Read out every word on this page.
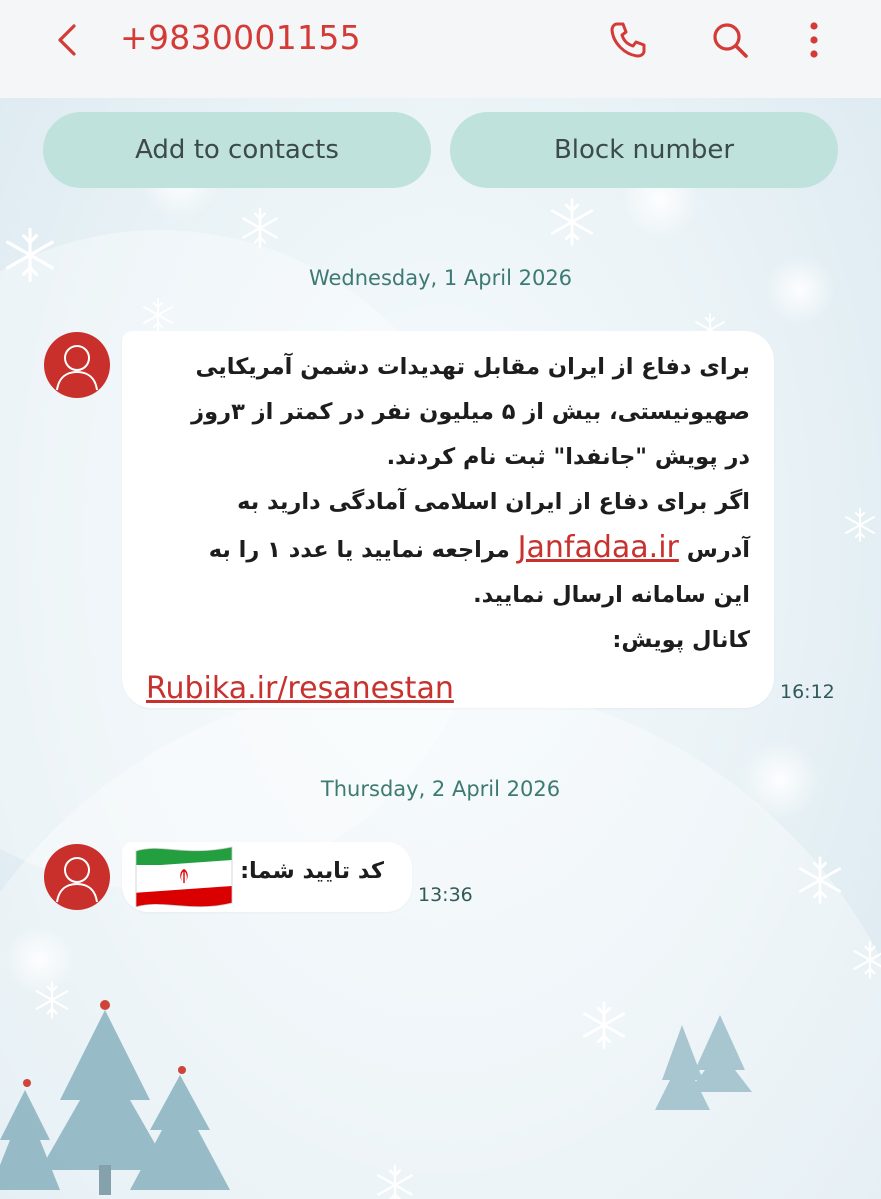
+9830001155
Add to contacts	Block number
Wednesday, 1 April 2026
برای دفاع از ایران مقابل تهدیدات دشمن آمریکایی
صهیونیستی، بیش از ۵ میلیون نفر در کمتر از ۳روز
در پویش "جانفدا" ثبت نام کردند.
اگر برای دفاع از ایران اسلامی آمادگی دارید به
آدرس Janfadaa.ir مراجعه نمایید یا عدد ۱ را به
این سامانه ارسال نمایید.
کانال پویش:
Rubika.ir/resanestan	16:12
Thursday, 2 April 2026
کد تایید شما:
13:36
